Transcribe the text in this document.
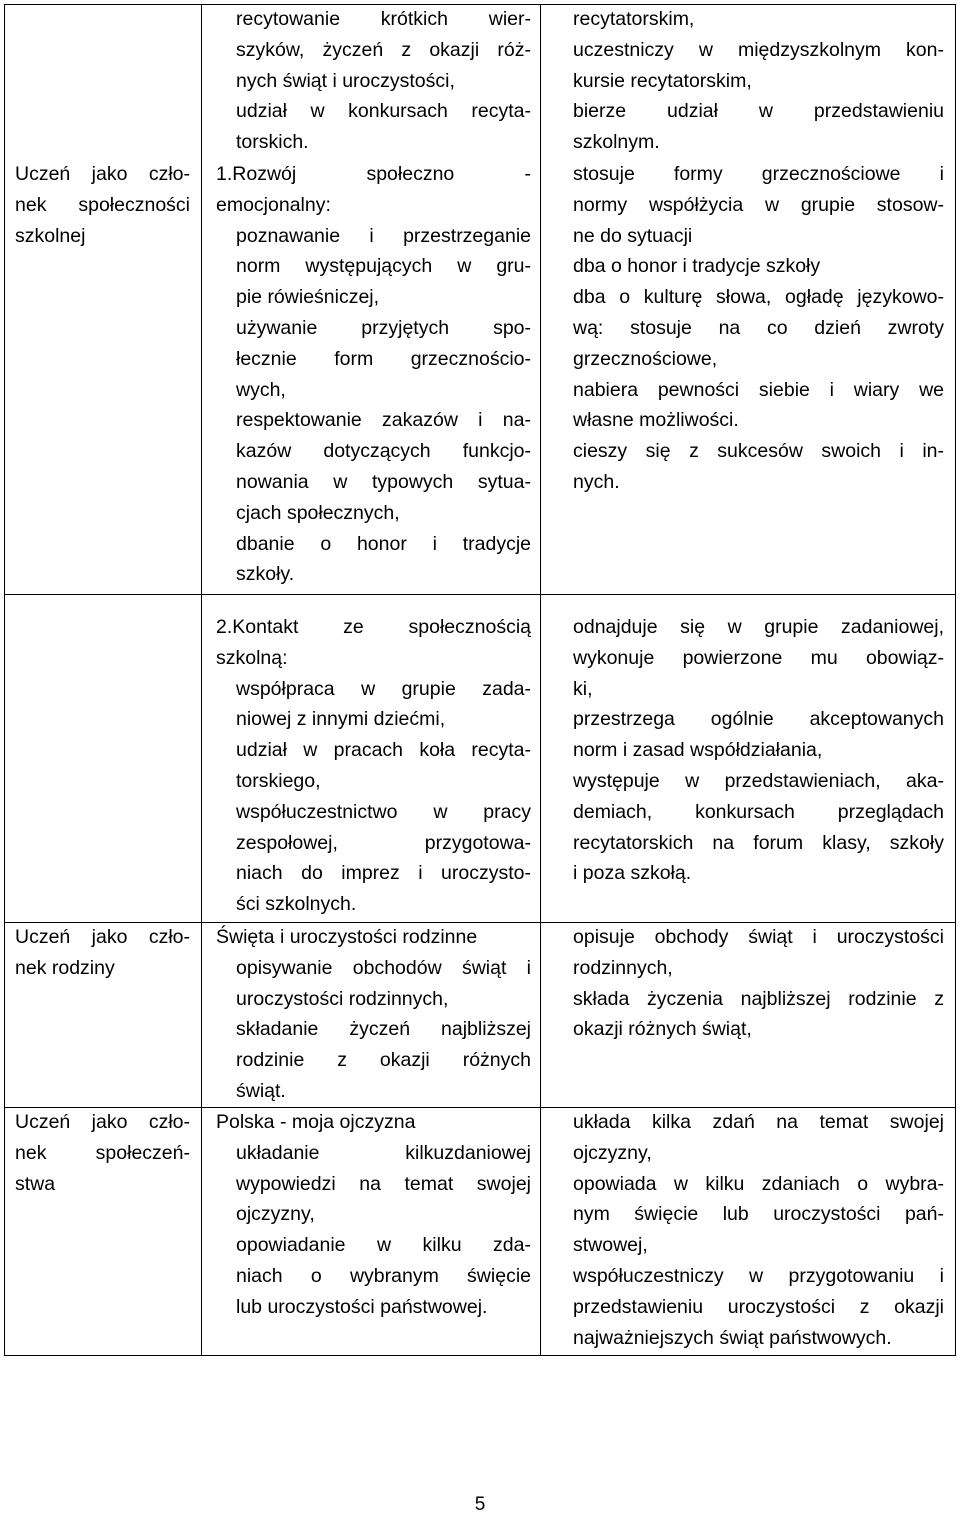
recytowanie krótkich wier-
szyków, życzeń z okazji róż-
nych świąt i uroczystości,
udział w konkursach recyta-
torskich.
recytatorskim,
uczestniczy w międzyszkolnym kon-
kursie recytatorskim,
bierze udział w przedstawieniu
szkolnym.
Uczeń jako czło-
nek społeczności
szkolnej
1.Rozwój społeczno -
emocjonalny:
poznawanie i przestrzeganie
norm występujących w gru-
pie rówieśniczej,
używanie przyjętych spo-
łecznie form grzecznościo-
wych,
respektowanie zakazów i na-
kazów dotyczących funkcjo-
nowania w typowych sytua-
cjach społecznych,
dbanie o honor i tradycje
szkoły.
stosuje formy grzecznościowe i
normy współżycia w grupie stosow-
ne do sytuacji
dba o honor i tradycje szkoły
dba o kulturę słowa, ogładę językowo-
wą: stosuje na co dzień zwroty
grzecznościowe,
nabiera pewności siebie i wiary we
własne możliwości.
cieszy się z sukcesów swoich i in-
nych.
2.Kontakt ze społecznością
szkolną:
współpraca w grupie zada-
niowej z innymi dziećmi,
udział w pracach koła recyta-
torskiego,
współuczestnictwo w pracy
zespołowej, przygotowa-
niach do imprez i uroczysto-
ści szkolnych.
odnajduje się w grupie zadaniowej,
wykonuje powierzone mu obowiąz-
ki,
przestrzega ogólnie akceptowanych
norm i zasad współdziałania,
występuje w przedstawieniach, aka-
demiach, konkursach przeglądach
recytatorskich na forum klasy, szkoły
i poza szkołą.
Uczeń jako czło-
nek rodziny
Święta i uroczystości rodzinne
opisywanie obchodów świąt i
uroczystości rodzinnych,
składanie życzeń najbliższej
rodzinie z okazji różnych
świąt.
opisuje obchody świąt i uroczystości
rodzinnych,
składa życzenia najbliższej rodzinie z
okazji różnych świąt,
Uczeń jako czło-
nek społeczeń-
stwa
Polska - moja ojczyzna
układanie kilkuzdaniowej
wypowiedzi na temat swojej
ojczyzny,
opowiadanie w kilku zda-
niach o wybranym święcie
lub uroczystości państwowej.
układa kilka zdań na temat swojej
ojczyzny,
opowiada w kilku zdaniach o wybra-
nym święcie lub uroczystości pań-
stwowej,
współuczestniczy w przygotowaniu i
przedstawieniu uroczystości z okazji
najważniejszych świąt państwowych.
5
